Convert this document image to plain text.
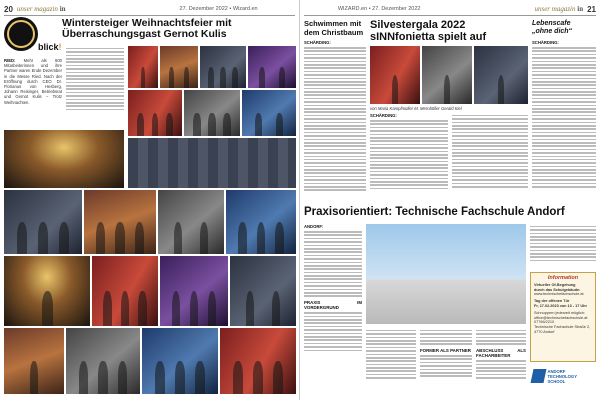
20 unser magazin in	27. Dezember 2022 • Wizard.en
blick!
Wintersteiger Weihnachtsfeier mit
Überraschungsgast Gernot Kulis
RIED: Mehr als 600 Mitarbeiterinnen und ihre Partner waren Ende Dezember in die Messe Ried. Nach der Eröffnung durch CEO Dr. Florianus von Hesberg, Johann Reisinger, Betriebsrat und Gernot Kulis – Trotz Weihnachten.
WIZARD.en • 27. Dezember 2022	unser magazin in 21
Schwimmen mit dem Christbaum
SCHÄRDING:
Silvestergala 2022
sINNfonietta spielt auf
von Maria Kampfmüller M. Mernböller Gerald Kiel
SCHÄRDING:
Lebenscafe
„ohne dich“
SCHÄRDING:
Praxisorientiert: Technische Fachschule Andorf
ANDORF:
PRAXIS IM VORDERGRUND
FORMER ALS PARTNER ABSCHLUSS ALS FACHARBEITER
Information
Virtueller Of-Begehung
durch das Schulgebäude:
www.technischefachschule.at
Tag der offenen Tür
Fr, 17.02.2023 von 13 - 17 Uhr
Schnuppern jederzeit möglich:
office@technischefachschule.at
07766/2210
Technische Fachschule Straße 2, 4770 Andorf
ANDORF
TECHNOLOGY SCHOOL
